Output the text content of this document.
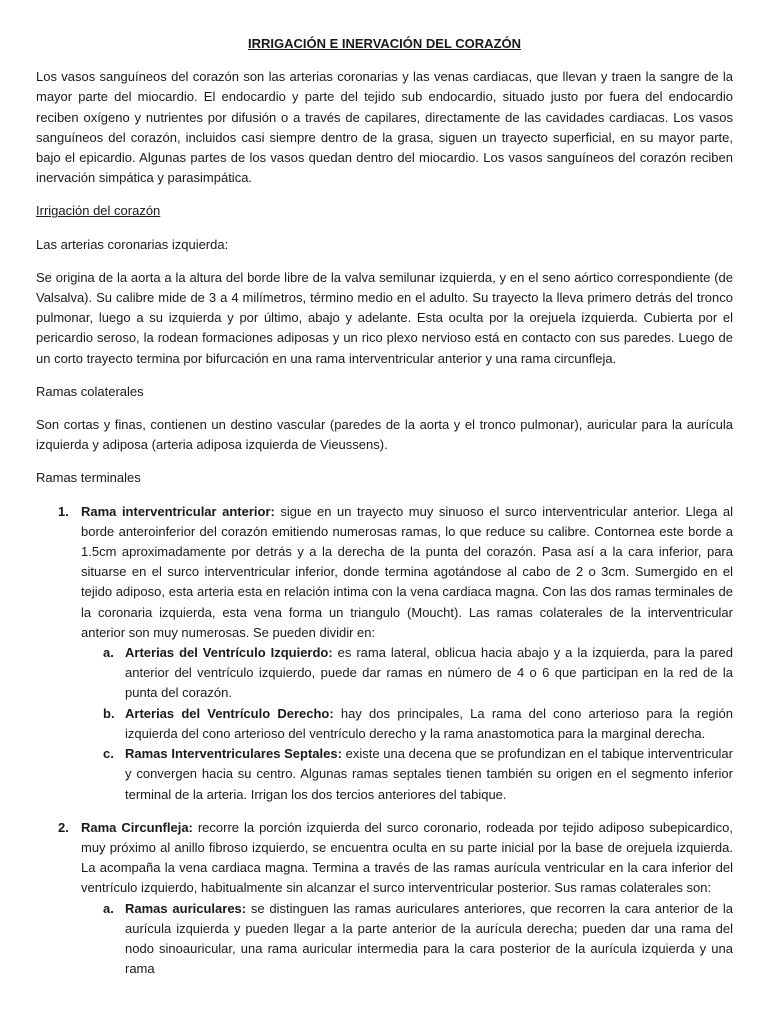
IRRIGACIÓN E INERVACIÓN DEL CORAZÓN

Los vasos sanguíneos del corazón son las arterias coronarias y las venas cardiacas, que llevan y traen la sangre de la mayor parte del miocardio. El endocardio y parte del tejido sub endocardio, situado justo por fuera del endocardio reciben oxígeno y nutrientes por difusión o a través de capilares, directamente de las cavidades cardiacas. Los vasos sanguíneos del corazón, incluidos casi siempre dentro de la grasa, siguen un trayecto superficial, en su mayor parte, bajo el epicardio. Algunas partes de los vasos quedan dentro del miocardio. Los vasos sanguíneos del corazón reciben inervación simpática y parasimpática.

Irrigación del corazón
Las arterias coronarias izquierda:

Se origina de la aorta a la altura del borde libre de la valva semilunar izquierda, y en el seno aórtico correspondiente (de Valsalva). Su calibre mide de 3 a 4 milímetros, término medio en el adulto. Su trayecto la lleva primero detrás del tronco pulmonar, luego a su izquierda y por último, abajo y adelante. Esta oculta por la orejuela izquierda. Cubierta por el pericardio seroso, la rodean formaciones adiposas y un rico plexo nervioso está en contacto con sus paredes. Luego de un corto trayecto termina por bifurcación en una rama interventricular anterior y una rama circunfleja.

Ramas colaterales

Son cortas y finas, contienen un destino vascular (paredes de la aorta y el tronco pulmonar), auricular para la aurícula izquierda y adiposa (arteria adiposa izquierda de Vieussens).

Ramas terminales
1. Rama interventricular anterior: sigue en un trayecto muy sinuoso el surco interventricular anterior. Llega al borde anteroinferior del corazón emitiendo numerosas ramas, lo que reduce su calibre. Contornea este borde a 1.5cm aproximadamente por detrás y a la derecha de la punta del corazón. Pasa así a la cara inferior, para situarse en el surco interventricular inferior, donde termina agotándose al cabo de 2 o 3cm. Sumergido en el tejido adiposo, esta arteria esta en relación intima con la vena cardiaca magna. Con las dos ramas terminales de la coronaria izquierda, esta vena forma un triangulo (Moucht). Las ramas colaterales de la interventricular anterior son muy numerosas. Se pueden dividir en:
a. Arterias del Ventrículo Izquierdo: es rama lateral, oblicua hacia abajo y a la izquierda, para la pared anterior del ventrículo izquierdo, puede dar ramas en número de 4 o 6 que participan en la red de la punta del corazón.
b. Arterias del Ventrículo Derecho: hay dos principales, La rama del cono arterioso para la región izquierda del cono arterioso del ventrículo derecho y la rama anastomotica para la marginal derecha.
c. Ramas Interventriculares Septales: existe una decena que se profundizan en el tabique interventricular y convergen hacia su centro. Algunas ramas septales tienen también su origen en el segmento inferior terminal de la arteria. Irrigan los dos tercios anteriores del tabique.
2. Rama Circunfleja: recorre la porción izquierda del surco coronario, rodeada por tejido adiposo subepicardico, muy próximo al anillo fibroso izquierdo, se encuentra oculta en su parte inicial por la base de orejuela izquierda. La acompaña la vena cardiaca magna. Termina a través de las ramas aurícula ventricular en la cara inferior del ventrículo izquierdo, habitualmente sin alcanzar el surco interventricular posterior. Sus ramas colaterales son:
a. Ramas auriculares: se distinguen las ramas auriculares anteriores, que recorren la cara anterior de la aurícula izquierda y pueden llegar a la parte anterior de la aurícula derecha; pueden dar una rama del nodo sinoauricular, una rama auricular intermedia para la cara posterior de la aurícula izquierda y una rama
